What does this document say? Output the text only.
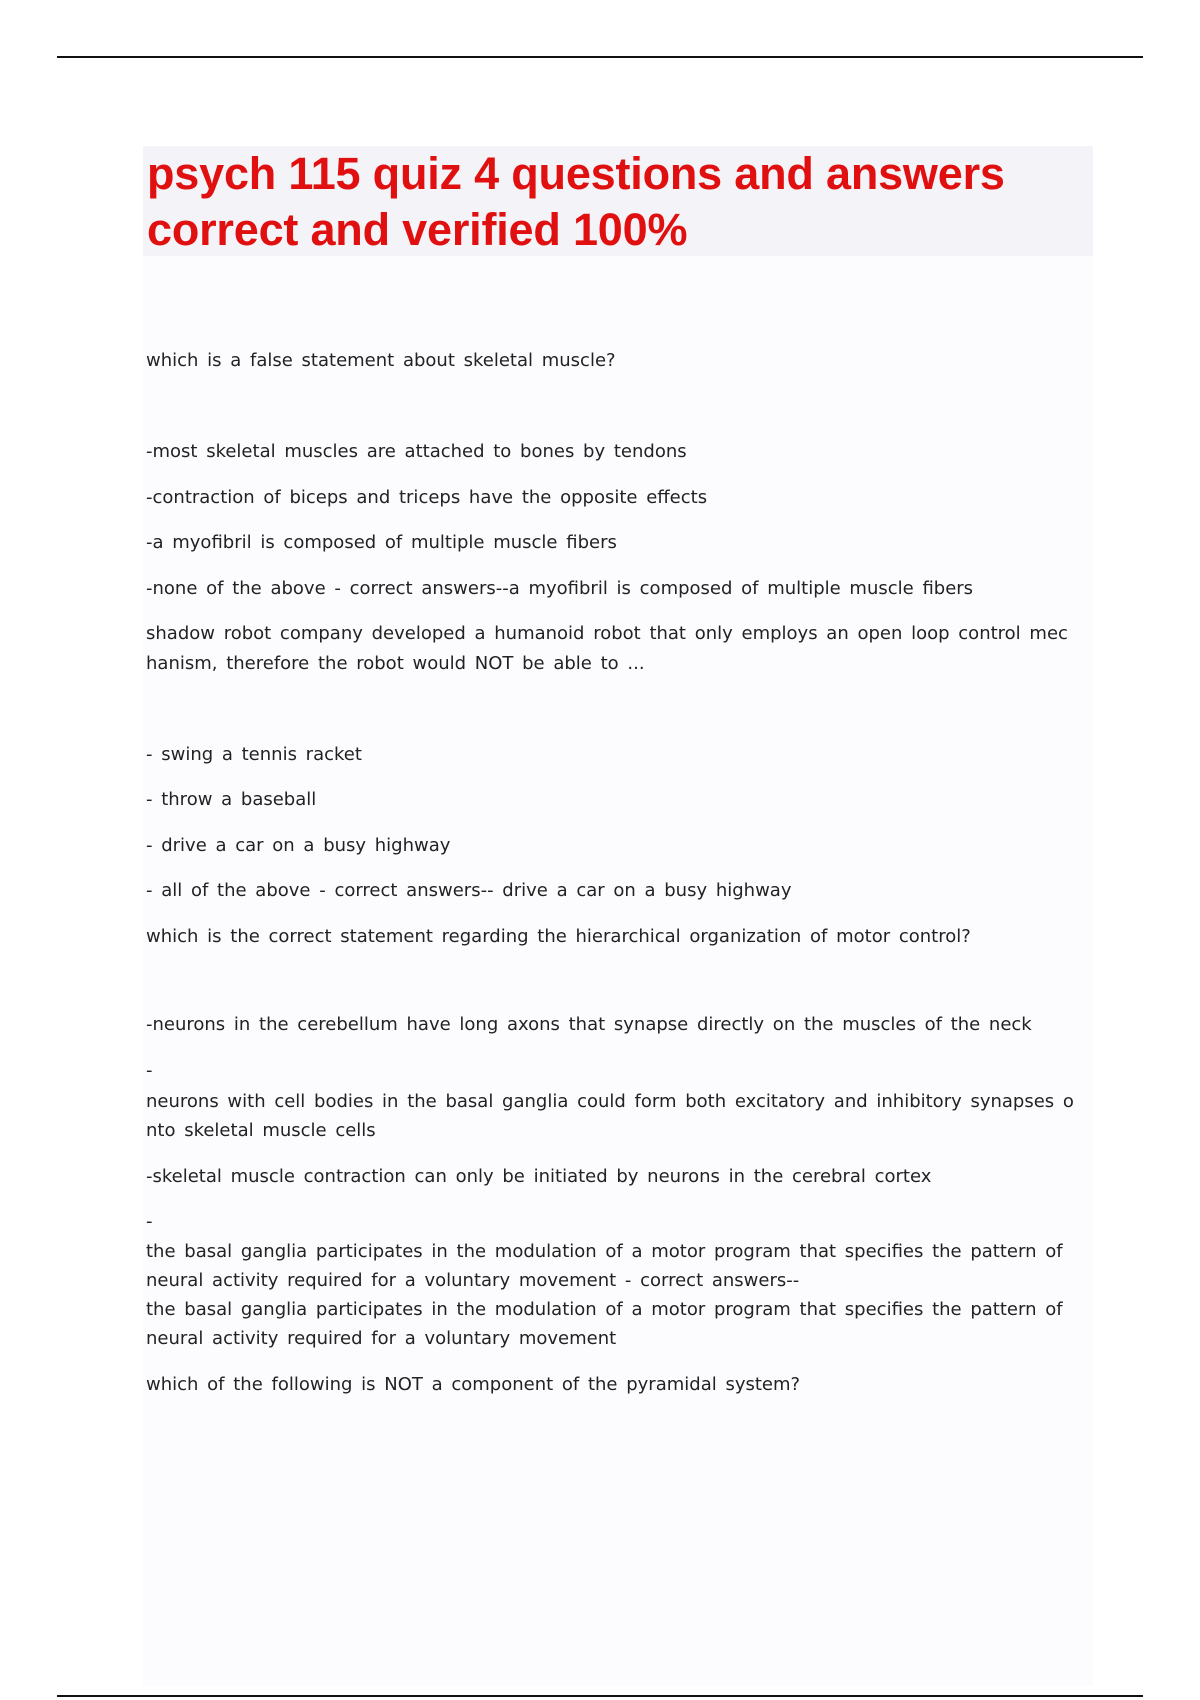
psych 115 quiz 4 questions and answers
correct and verified 100%
which is a false statement about skeletal muscle?
-most skeletal muscles are attached to bones by tendons
-contraction of biceps and triceps have the opposite effects
-a myofibril is composed of multiple muscle fibers
-none of the above - correct answers--a myofibril is composed of multiple muscle fibers
shadow robot company developed a humanoid robot that only employs an open loop control mec
hanism, therefore the robot would NOT be able to ...
- swing a tennis racket
- throw a baseball
- drive a car on a busy highway
- all of the above - correct answers-- drive a car on a busy highway
which is the correct statement regarding the hierarchical organization of motor control?
-neurons in the cerebellum have long axons that synapse directly on the muscles of the neck
-
neurons with cell bodies in the basal ganglia could form both excitatory and inhibitory synapses o
nto skeletal muscle cells
-skeletal muscle contraction can only be initiated by neurons in the cerebral cortex
-
the basal ganglia participates in the modulation of a motor program that specifies the pattern of
neural activity required for a voluntary movement - correct answers--
the basal ganglia participates in the modulation of a motor program that specifies the pattern of
neural activity required for a voluntary movement
which of the following is NOT a component of the pyramidal system?
